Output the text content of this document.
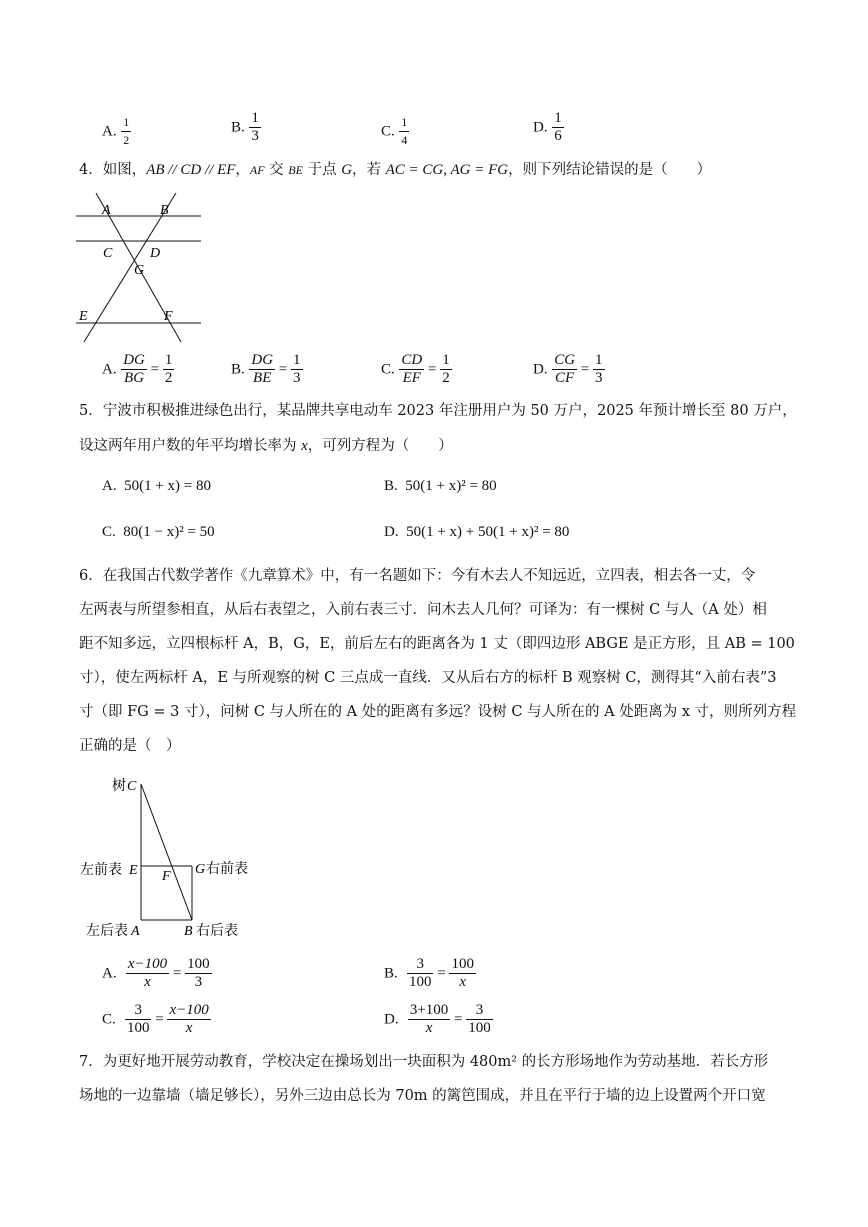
A. $\frac{1}{2}$	B. $\frac{1}{3}$	C. $\frac{1}{4}$	D. $\frac{1}{6}$
4．如图，AB // CD // EF，AF 交 BE 于点 G，若 AC = CG, AG = FG，则下列结论错误的是（　　）
A	B
C	D
G
E	F
A. $\frac{DG}{BG} = \frac{1}{2}$	B. $\frac{DG}{BE} = \frac{1}{3}$	C. $\frac{CD}{EF} = \frac{1}{2}$	D. $\frac{CG}{CF} = \frac{1}{3}$
5．宁波市积极推进绿色出行，某品牌共享电动车 2023 年注册用户为 50 万户，2025 年预计增长至 80 万户，
设这两年用户数的年平均增长率为 x，可列方程为（　　）
A. 50(1 + x) = 80	B. 50(1 + x)² = 80
C. 80(1 − x)² = 50	D. 50(1 + x) + 50(1 + x)² = 80
6．在我国古代数学著作《九章算术》中，有一名题如下：今有木去人不知远近，立四表，相去各一丈，令
左两表与所望参相直，从后右表望之，入前右表三寸．问木去人几何？可译为：有一棵树 C 与人（A 处）相
距不知多远，立四根标杆 A，B，G，E，前后左右的距离各为 1 丈（即四边形 ABGE 是正方形，且 AB = 100
寸），使左两标杆 A，E 与所观察的树 C 三点成一直线．又从后右方的标杆 B 观察树 C，测得其“入前右表”3
寸（即 FG = 3 寸），问树 C 与人所在的 A 处的距离有多远？设树 C 与人所在的 A 处距离为 x 寸，则所列方程
正确的是（　）
树 C
左前表 E F G 右前表
左后表 A	B 右后表
A. $\frac{x-100}{x} = \frac{100}{3}$	B. $\frac{3}{100} = \frac{100}{x}$
C. $\frac{3}{100} = \frac{x-100}{x}$	D. $\frac{3+100}{x} = \frac{3}{100}$
7．为更好地开展劳动教育，学校决定在操场划出一块面积为 480m² 的长方形场地作为劳动基地．若长方形
场地的一边靠墙（墙足够长），另外三边由总长为 70m 的篱笆围成，并且在平行于墙的边上设置两个开口宽
